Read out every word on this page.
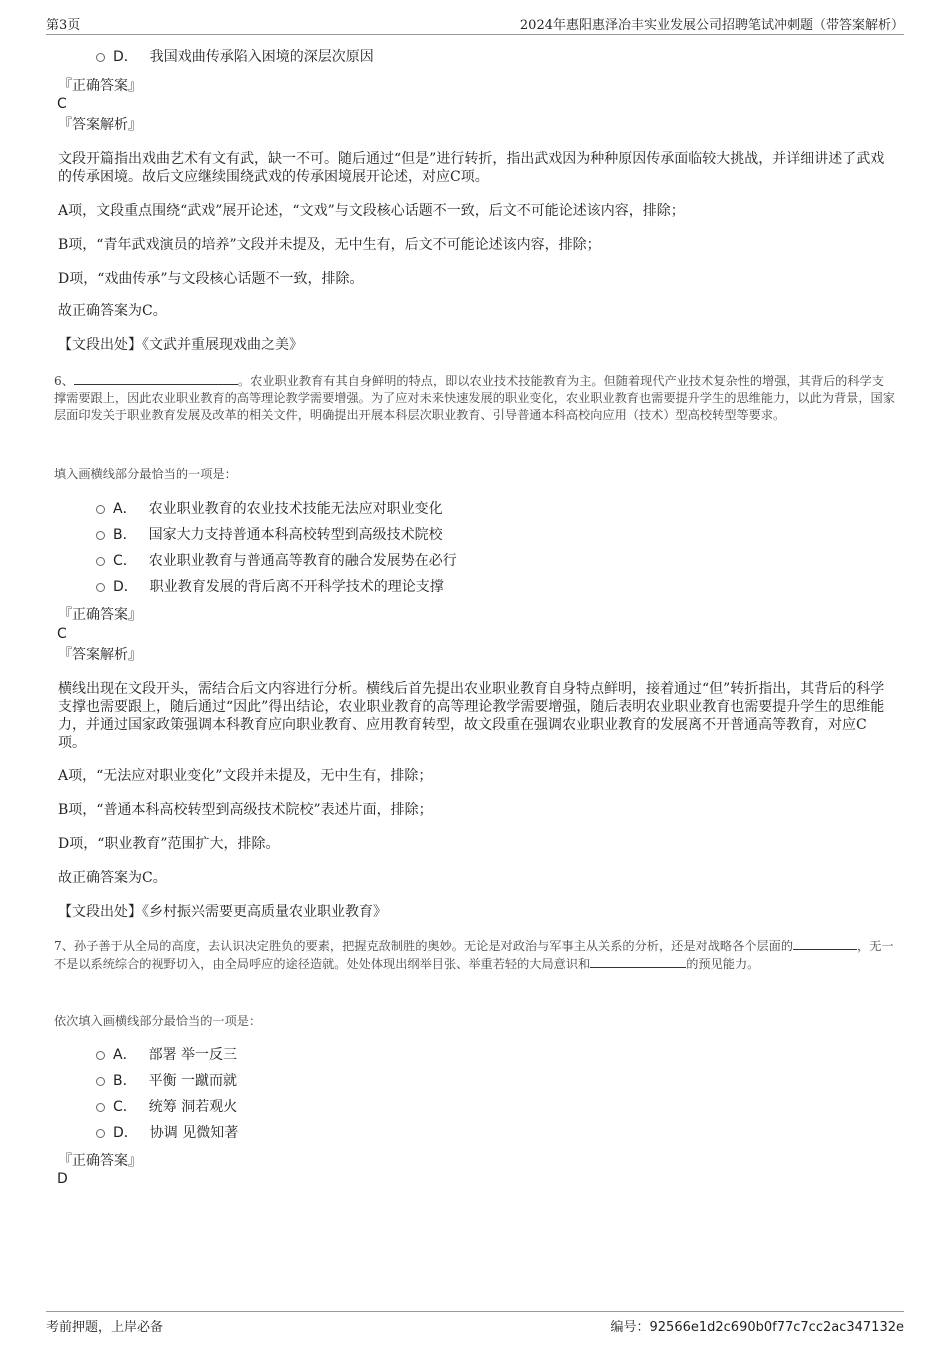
第3页	2024年惠阳惠泽冶丰实业发展公司招聘笔试冲刺题（带答案解析）
D． 我国戏曲传承陷入困境的深层次原因
『正确答案』
C
『答案解析』
文段开篇指出戏曲艺术有文有武，缺一不可。随后通过“但是”进行转折，指出武戏因为种种原因传承面临较大挑战，并详细讲述了武戏的传承困境。故后文应继续围绕武戏的传承困境展开论述，对应C项。
A项，文段重点围绕“武戏”展开论述，“文戏”与文段核心话题不一致，后文不可能论述该内容，排除；
B项，“青年武戏演员的培养”文段并未提及，无中生有，后文不可能论述该内容，排除；
D项，“戏曲传承”与文段核心话题不一致，排除。
故正确答案为C。
【文段出处】《文武并重展现戏曲之美》
6、	。农业职业教育有其自身鲜明的特点，即以农业技术技能教育为主。但随着现代产业技术复杂性的增强，其背后的科学支撑需要跟上，因此农业职业教育的高等理论教学需要增强。为了应对未来快速发展的职业变化，农业职业教育也需要提升学生的思维能力，以此为背景，国家层面印发关于职业教育发展及改革的相关文件，明确提出开展本科层次职业教育、引导普通本科高校向应用（技术）型高校转型等要求。
填入画横线部分最恰当的一项是：
A． 农业职业教育的农业技术技能无法应对职业变化
B． 国家大力支持普通本科高校转型到高级技术院校
C． 农业职业教育与普通高等教育的融合发展势在必行
D． 职业教育发展的背后离不开科学技术的理论支撑
『正确答案』
C
『答案解析』
横线出现在文段开头，需结合后文内容进行分析。横线后首先提出农业职业教育自身特点鲜明，接着通过“但”转折指出，其背后的科学支撑也需要跟上，随后通过“因此”得出结论，农业职业教育的高等理论教学需要增强，随后表明农业职业教育也需要提升学生的思维能力，并通过国家政策强调本科教育应向职业教育、应用教育转型，故文段重在强调农业职业教育的发展离不开普通高等教育，对应C项。
A项，“无法应对职业变化”文段并未提及，无中生有，排除；
B项，“普通本科高校转型到高级技术院校”表述片面，排除；
D项，“职业教育”范围扩大，排除。
故正确答案为C。
【文段出处】《乡村振兴需要更高质量农业职业教育》
7、孙子善于从全局的高度，去认识决定胜负的要素，把握克敌制胜的奥妙。无论是对政治与军事主从关系的分析，还是对战略各个层面的	，无一不是以系统综合的视野切入，由全局呼应的途径造就。处处体现出纲举目张、举重若轻的大局意识和	的预见能力。
依次填入画横线部分最恰当的一项是：
A． 部署 举一反三
B． 平衡 一蹴而就
C． 统筹 洞若观火
D． 协调 见微知著
『正确答案』
D
考前押题，上岸必备	编号：92566e1d2c690b0f77c7cc2ac347132e
